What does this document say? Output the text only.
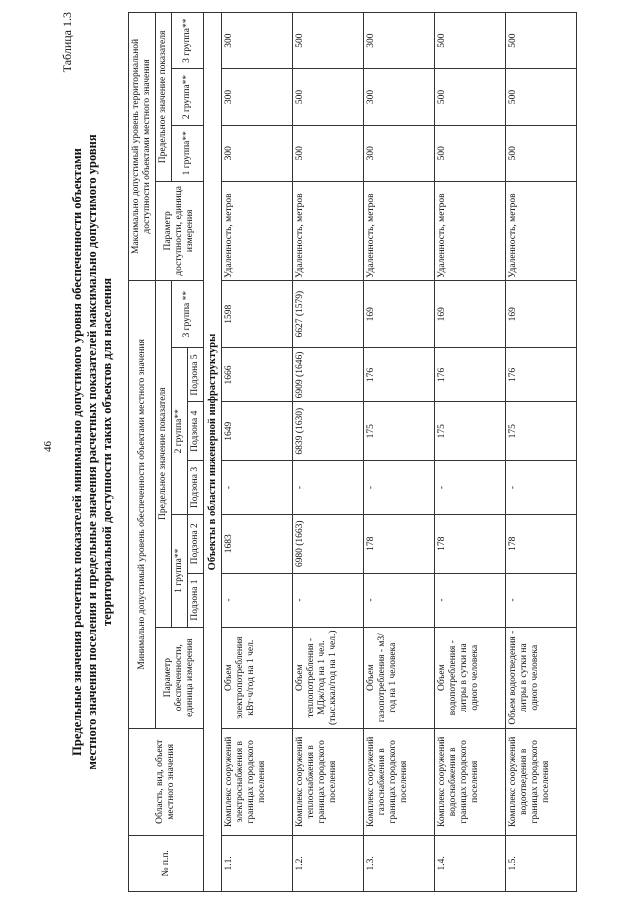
46
Таблица 1.3
Предельные значения расчетных показателей минимально допустимого уровня обеспеченности объектами местного значения поселения и предельные значения расчетных показателей максимально допустимого уровня территориальной доступности таких объектов для населения
№ п.п.	Область, вид, объект местного значения	Минимально допустимый уровень обеспеченности объектами местного значения							Максимально допустимый уровень территориальной доступности объектами местного значения			
		Параметр обеспеченности, единица измерения	Предельное значение показателя						Параметр доступности, единица измерения	Предельное значение показателя		
			1 группа**		2 группа**			3 группа **		1 группа**	2 группа**	3 группа**
			Подзона 1	Подзона 2	Подзона 3	Подзона 4	Подзона 5					
Объекты в области инженерной инфраструктуры												
1.1.	Комплекс сооружений электроснабжения в границах городского поселения	Объем электропотребления кВт·ч/год на 1 чел.	-	1683	-	1649	1666	1598	Удаленность, метров	300	300	300
1.2.	Комплекс сооружений теплоснабжения в границах городского поселения	Объем теплопотребления - МДж/год на 1 чел. (тыс.ккал/год на 1 чел.)	-	6980 (1663)	-	6839 (1630)	6909 (1646)	6627 (1579)	Удаленность, метров	500	500	500
1.3.	Комплекс сооружений газоснабжения в границах городского поселения	Объем газопотребления - м3/год на 1 человека	-	178	-	175	176	169	Удаленность, метров	300	300	300
1.4.	Комплекс сооружений водоснабжения в границах городского поселения	Объем водопотребления - литры в сутки на одного человека	-	178	-	175	176	169	Удаленность, метров	500	500	500
1.5.	Комплекс сооружений водоотведения в границах городского поселения	Объем водоотведения - литры в сутки на одного человека	-	178	-	175	176	169	Удаленность, метров	500	500	500
